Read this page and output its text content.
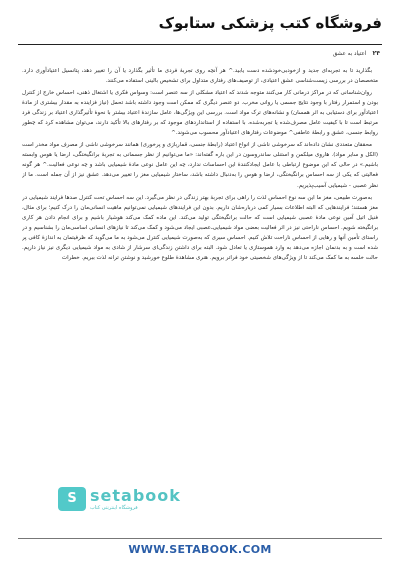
فروشگاه کتب پزشکی ستابوک
۲۴
اعتیاد به عشق

بگذارید تا به تجربه‌ای جدید و ازخودبی‌خودشده دست یابید.^ هر آنچه روی تجربهٔ فردی ما تأثیر بگذارد یا آن را تغییر دهد، پتانسیل اعتیادآوری دارد. متخصصان در بررسی زیست‌شناسی عشق اعتیادی، از توصیف‌های رفتاری متداول برای تشخیص بالینی استفاده می‌کنند.

روان‌شناسانی که در مراکز درمانی کار می‌کنند متوجه شدند که اعتیاد مشکلی از سه عنصر است: وسواس فکری یا اشتغال ذهنی، احساس خارج از کنترل بودن و استمرار رفتار با وجود نتایج جسمی یا روانی مخرب. دو عنصر دیگری که ممکن است وجود داشته باشد تحمل (نیاز فزاینده به مقدار بیشتری از مادهٔ اعتیادآور برای دستیابی به اثر همسان) و نشانه‌های ترک مواد است. بررسی این ویژگی‌ها، عامل سازندهٔ اعتیاد بیشتر با نحوهٔ تأثیرگذاری اعتیاد بر زندگی فرد مرتبط است تا با کیفیت عامل مصرف‌شده یا تجربه‌شده. با استفاده از استانداردهای موجود که بر رفتارهای بالا تأکید دارند، می‌توان مشاهده کرد که چطور روابط جنسی، عشق و رابطهٔ عاطفی^ موضوعات رفتارهای اعتیادآور محسوب می‌شوند.^

محققان متعددی نشان داده‌اند که سرخوشی ناشی از انواع اعتیاد (رابطهٔ جنسی، قماربازی و پرخوری) همانند سرخوشی ناشی از مصرف مواد مخدر است (الکل و سایر مواد). هاروی میلکمن و استنلی ساندروسون در این باره گفته‌اند: «ما می‌توانیم از نظر جسمانی به تجربهٔ برانگیختگی، ارضا یا هوس وابسته باشیم.» در حالی که این موضوع ارتباطی با عامل ایجادکنندهٔ این احساسات ندارد، چه این عامل نوعی مادهٔ شیمیایی باشد و چه نوعی فعالیت.^ هر گونه فعالیتی که یکی از سه احساس برانگیختگی، ارضا و هوس را به‌دنبال داشته باشد، ساختار شیمیایی مغز را تغییر می‌دهد. عشق نیز از آن جمله است. ما از نظر عصبی - شیمیایی آسیب‌پذیریم.

به‌صورت طبیعی، مغز ما این سه نوع احساس لذت را راهی برای تجربهٔ بهتر زندگی در نظر می‌گیرد. این سه احساس تحت کنترل صدها فرایند شیمیایی در مغز هستند؛ فرایندهایی که البته اطلاعات بسیار کمی درباره‌شان داریم. بدون این فرایندهای شیمیایی نمی‌توانیم ماهیت انسانی‌مان را درک کنیم؛ برای مثال، فنیل اتیل آمین نوعی مادهٔ عصبی شیمیایی است که حالت برانگیختگی تولید می‌کند. این ماده کمک می‌کند هوشیار باشیم و برای انجام دادن هر کاری برانگیخته شویم. احساس ناراحتی نیز در اثر فعالیت بعضی مواد شیمیایی‌ـ‌عصبی ایجاد می‌شود و کمک می‌کند تا نیازهای انسانی اساسی‌مان را بشناسیم و در راستای تأمین آنها و رهایی از احساس ناراحت تلاش کنیم. احساس سیری که به‌صورت شیمیایی کنترل می‌شود به ما می‌گوید که ظرفیتمان به اندازهٔ کافی پر شده است و به بدنمان اجازه می‌دهد به وارد هموستازی یا تعادل شود. البته برای داشتن زندگی‌ای سرشار از شادی به مواد شیمیایی دیگری نیز نیاز داریم. حالت خلسه به ما کمک می‌کند تا از ویژگی‌های شخصیتی خود فراتر برویم. هنری مشاهدهٔ طلوع خورشید و نوشتن ترانه لذت ببریم. خطرات

setabook
فروشگاه اینترنتی کتاب
S
WWW.SETABOOK.COM
